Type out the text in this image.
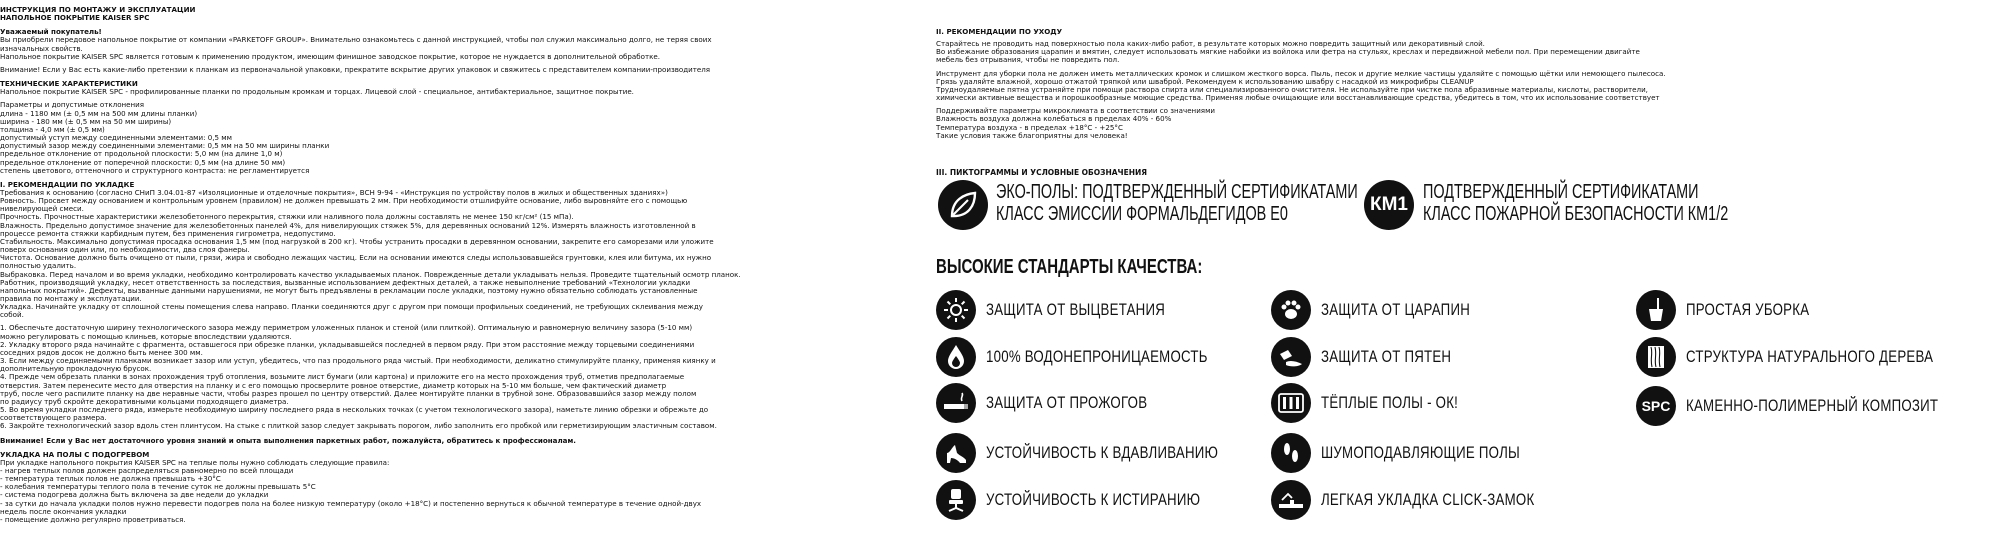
ИНСТРУКЦИЯ ПО МОНТАЖУ И ЭКСПЛУАТАЦИИ
НАПОЛЬНОЕ ПОКРЫТИЕ KAISER SPC
Уважаемый покупатель!
Вы приобрели передовое напольное покрытие от компании «PARKETOFF GROUP». Внимательно ознакомьтесь с данной инструкцией, чтобы пол служил максимально долго, не теряя своих
изначальных свойств.
Напольное покрытие KAISER SPC является готовым к применению продуктом, имеющим финишное заводское покрытие, которое не нуждается в дополнительной обработке.
Внимание! Если у Вас есть какие-либо претензии к планкам из первоначальной упаковки, прекратите вскрытие других упаковок и свяжитесь с представителем компании-производителя
ТЕХНИЧЕСКИЕ ХАРАКТЕРИСТИКИ
Напольное покрытие KAISER SPC - профилированные планки по продольным кромкам и торцах. Лицевой слой - специальное, антибактериальное, защитное покрытие.
Параметры и допустимые отклонения
длина - 1180 мм (± 0,5 мм на 500 мм длины планки)
ширина - 180 мм (± 0,5 мм на 50 мм ширины)
толщина - 4,0 мм (± 0,5 мм)
допустимый уступ между соединенными элементами: 0,5 мм
допустимый зазор между соединенными элементами: 0,5 мм на 50 мм ширины планки
предельное отклонение от продольной плоскости: 5,0 мм (на длине 1,0 м)
предельное отклонение от поперечной плоскости: 0,5 мм (на длине 50 мм)
степень цветового, оттеночного и структурного контраста: не регламентируется
I. РЕКОМЕНДАЦИИ ПО УКЛАДКЕ
Требования к основанию (согласно СНиП 3.04.01-87 «Изоляционные и отделочные покрытия», ВСН 9-94 - «Инструкция по устройству полов в жилых и общественных зданиях»)
Ровность. Просвет между основанием и контрольным уровнем (правилом) не должен превышать 2 мм. При необходимости отшлифуйте основание, либо выровняйте его с помощью
нивелирующей смеси.
Прочность. Прочностные характеристики железобетонного перекрытия, стяжки или наливного пола должны составлять не менее 150 кг/см² (15 мПа).
Влажность. Предельно допустимое значение для железобетонных панелей 4%, для нивелирующих стяжек 5%, для деревянных оснований 12%. Измерять влажность изготовленной в
процессе ремонта стяжки карбидным путем, без применения гигрометра, недопустимо.
Стабильность. Максимально допустимая просадка основания 1,5 мм (под нагрузкой в 200 кг). Чтобы устранить просадки в деревянном основании, закрепите его саморезами или уложите
поверх основания один или, по необходимости, два слоя фанеры.
Чистота. Основание должно быть очищено от пыли, грязи, жира и свободно лежащих частиц. Если на основании имеются следы использовавшейся грунтовки, клея или битума, их нужно
полностью удалить.
Выбраковка. Перед началом и во время укладки, необходимо контролировать качество укладываемых планок. Поврежденные детали укладывать нельзя. Проведите тщательный осмотр планок.
Работник, производящий укладку, несет ответственность за последствия, вызванные использованием дефектных деталей, а также невыполнение требований «Технологии укладки
напольных покрытий». Дефекты, вызванные данными нарушениями, не могут быть предъявлены в рекламации после укладки, поэтому нужно обязательно соблюдать установленные
правила по монтажу и эксплуатации.
Укладка. Начинайте укладку от сплошной стены помещения слева направо. Планки соединяются друг с другом при помощи профильных соединений, не требующих склеивания между
собой.
1. Обеспечьте достаточную ширину технологического зазора между периметром уложенных планок и стеной (или плиткой). Оптимальную и равномерную величину зазора (5-10 мм)
можно регулировать с помощью клиньев, которые впоследствии удаляются.
2. Укладку второго ряда начинайте с фрагмента, оставшегося при обрезке планки, укладывавшейся последней в первом ряду. При этом расстояние между торцевыми соединениями
соседних рядов досок не должно быть менее 300 мм.
3. Если между соединяемыми планками возникает зазор или уступ, убедитесь, что паз продольного ряда чистый. При необходимости, деликатно стимулируйте планку, применяя киянку и
дополнительную прокладочную брусок.
4. Прежде чем обрезать планки в зонах прохождения труб отопления, возьмите лист бумаги (или картона) и приложите его на место прохождения труб, отметив предполагаемые
отверстия. Затем перенесите место для отверстия на планку и с его помощью просверлите ровное отверстие, диаметр которых на 5-10 мм больше, чем фактический диаметр
труб, после чего распилите планку на две неравные части, чтобы разрез прошел по центру отверстий. Далее монтируйте планки в трубной зоне. Образовавшийся зазор между полом
по радиусу труб скройте декоративными кольцами подходящего диаметра.
5. Во время укладки последнего ряда, измерьте необходимую ширину последнего ряда в нескольких точках (с учетом технологического зазора), наметьте линию обрезки и обрежьте до
соответствующего размера.
6. Закройте технологический зазор вдоль стен плинтусом. На стыке с плиткой зазор следует закрывать порогом, либо заполнить его пробкой или герметизирующим эластичным составом.
Внимание! Если у Вас нет достаточного уровня знаний и опыта выполнения паркетных работ, пожалуйста, обратитесь к профессионалам.
УКЛАДКА НА ПОЛЫ С ПОДОГРЕВОМ
При укладке напольного покрытия KAISER SPC на теплые полы нужно соблюдать следующие правила:
- нагрев теплых полов должен распределяться равномерно по всей площади
- температура теплых полов не должна превышать +30°С
- колебания температуры теплого пола в течение суток не должны превышать 5°С
- система подогрева должна быть включена за две недели до укладки
- за сутки до начала укладки полов нужно перевести подогрев пола на более низкую температуру (около +18°С) и постепенно вернуться к обычной температуре в течение одной-двух
недель после окончания укладки
- помещение должно регулярно проветриваться.
II. РЕКОМЕНДАЦИИ ПО УХОДУ
Старайтесь не проводить над поверхностью пола каких-либо работ, в результате которых можно повредить защитный или декоративный слой.
Во избежание образования царапин и вмятин, следует использовать мягкие набойки из войлока или фетра на стульях, креслах и передвижной мебели пол. При перемещении двигайте
мебель без отрывания, чтобы не повредить пол.
Инструмент для уборки пола не должен иметь металлических кромок и слишком жесткого ворса. Пыль, песок и другие мелкие частицы удаляйте с помощью щётки или немоющего пылесоса.
Грязь удаляйте влажной, хорошо отжатой тряпкой или шваброй. Рекомендуем к использованию швабру с насадкой из микрофибры CLEANUP
Трудноудаляемые пятна устраняйте при помощи раствора спирта или специализированного очистителя. Не используйте при чистке пола абразивные материалы, кислоты, растворители,
химически активные вещества и порошкообразные моющие средства. Применяя любые очищающие или восстанавливающие средства, убедитесь в том, что их использование соответствует
Поддерживайте параметры микроклимата в соответствии со значениями
Влажность воздуха должна колебаться в пределах 40% - 60%
Температура воздуха - в пределах +18°С - +25°С
Такие условия также благоприятны для человека!
III. ПИКТОГРАММЫ И УСЛОВНЫЕ ОБОЗНАЧЕНИЯ
ЭКО-ПОЛЫ: ПОДТВЕРЖДЕННЫЙ СЕРТИФИКАТАМИ
КЛАСС ЭМИССИИ ФОРМАЛЬДЕГИДОВ Е0	КМ1
ПОДТВЕРЖДЕННЫЙ СЕРТИФИКАТАМИ
КЛАСС ПОЖАРНОЙ БЕЗОПАСНОСТИ КМ1/2
ВЫСОКИЕ СТАНДАРТЫ КАЧЕСТВА:
ЗАЩИТА ОТ ВЫЦВЕТАНИЯ
100% ВОДОНЕПРОНИЦАЕМОСТЬ
ЗАЩИТА ОТ ПРОЖОГОВ
УСТОЙЧИВОСТЬ К ВДАВЛИВАНИЮ
УСТОЙЧИВОСТЬ К ИСТИРАНИЮ
ЗАЩИТА ОТ ЦАРАПИН
ЗАЩИТА ОТ ПЯТЕН
ТЁПЛЫЕ ПОЛЫ - ОК!
ШУМОПОДАВЛЯЮЩИЕ ПОЛЫ
ЛЕГКАЯ УКЛАДКА CLICK-ЗАМОК
ПРОСТАЯ УБОРКА
СТРУКТУРА НАТУРАЛЬНОГО ДЕРЕВА
SPC КАМЕННО-ПОЛИМЕРНЫЙ КОМПОЗИТ
